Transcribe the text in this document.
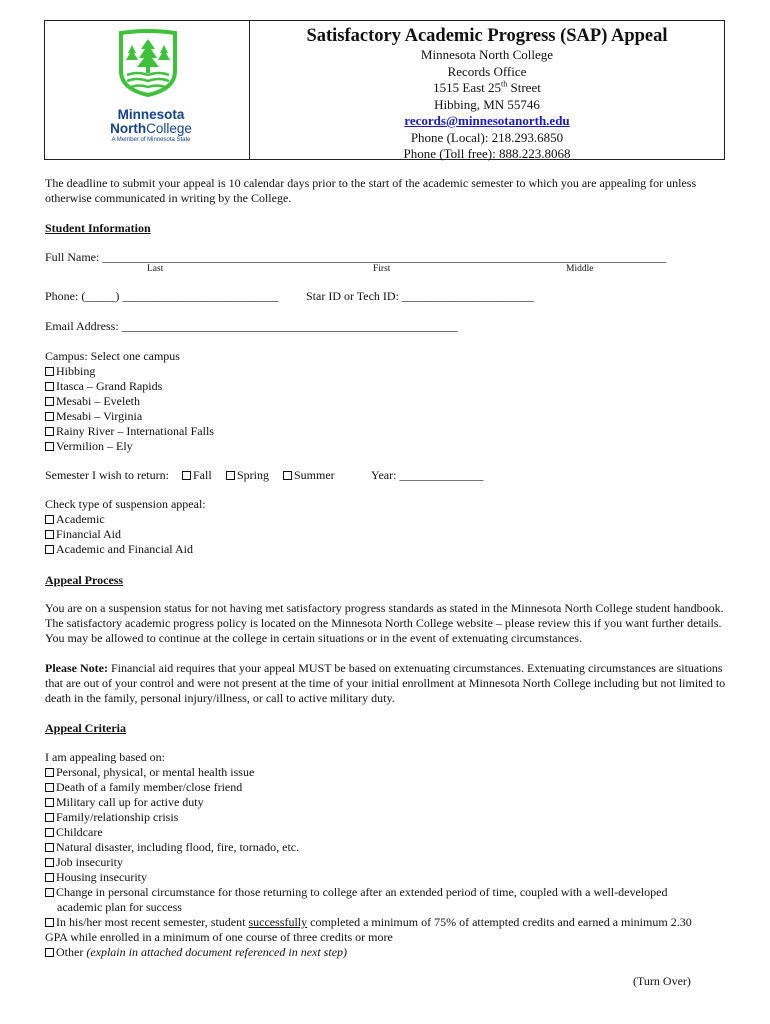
Minnesota
NorthCollege
A Member of Minnesota State
Satisfactory Academic Progress (SAP) Appeal
Minnesota North College
Records Office
1515 East 25th Street
Hibbing, MN 55746
records@minnesotanorth.edu
Phone (Local): 218.293.6850
Phone (Toll free): 888.223.8068
The deadline to submit your appeal is 10 calendar days prior to the start of the academic semester to which you are appealing for unless otherwise communicated in writing by the College.
Student Information
Full Name: ______________________________________________________________________________________________
Last	First	Middle
Phone: (_____) __________________________ Star ID or Tech ID: ______________________
Email Address: ________________________________________________________
Campus: Select one campus
Hibbing
Itasca – Grand Rapids
Mesabi – Eveleth
Mesabi – Virginia
Rainy River – International Falls
Vermilion – Ely
Semester I wish to return:	Fall	Spring	Summer	Year: ______________
Check type of suspension appeal:
Academic
Financial Aid
Academic and Financial Aid
Appeal Process
You are on a suspension status for not having met satisfactory progress standards as stated in the Minnesota North College student handbook. The satisfactory academic progress policy is located on the Minnesota North College website – please review this if you want further details. You may be allowed to continue at the college in certain situations or in the event of extenuating circumstances.
Please Note: Financial aid requires that your appeal MUST be based on extenuating circumstances. Extenuating circumstances are situations that are out of your control and were not present at the time of your initial enrollment at Minnesota North College including but not limited to death in the family, personal injury/illness, or call to active military duty.
Appeal Criteria
I am appealing based on:
Personal, physical, or mental health issue
Death of a family member/close friend
Military call up for active duty
Family/relationship crisis
Childcare
Natural disaster, including flood, fire, tornado, etc.
Job insecurity
Housing insecurity
Change in personal circumstance for those returning to college after an extended period of time, coupled with a well-developed
academic plan for success
In his/her most recent semester, student successfully completed a minimum of 75% of attempted credits and earned a minimum 2.30
GPA while enrolled in a minimum of one course of three credits or more
Other (explain in attached document referenced in next step)
(Turn Over)
